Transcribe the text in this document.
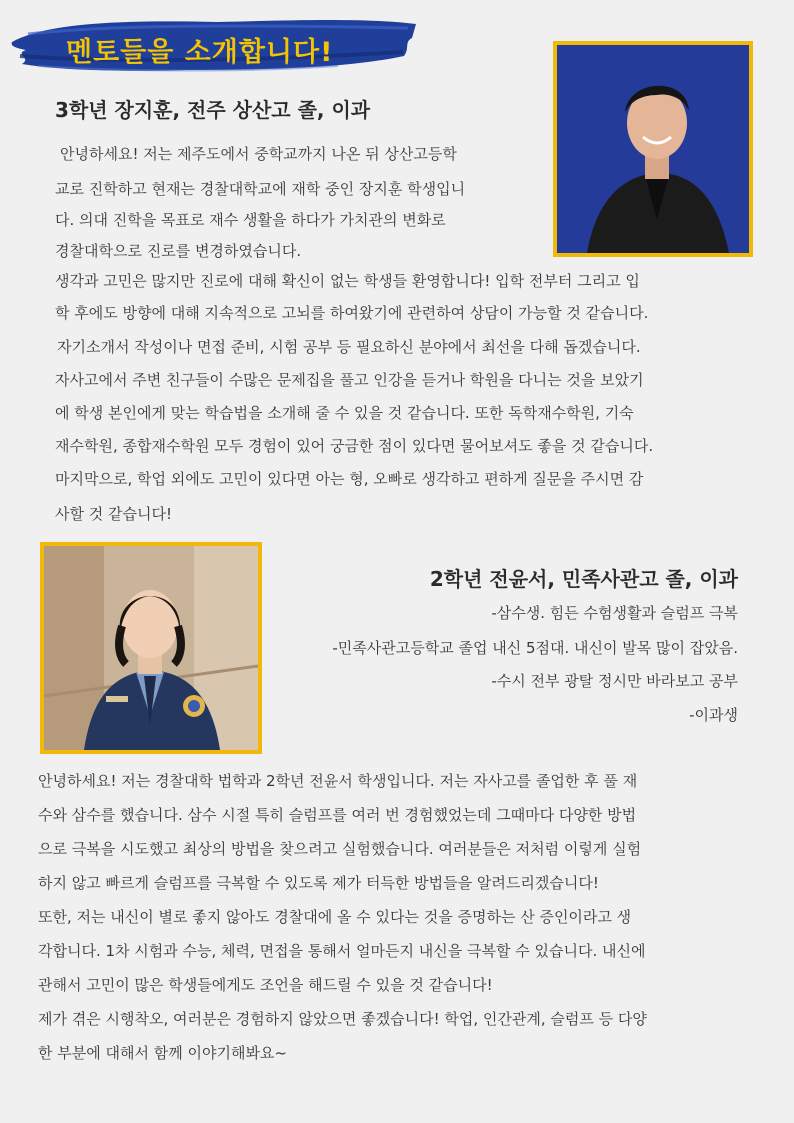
멘토들을 소개합니다!
3학년 장지훈, 전주 상산고 졸, 이과
안녕하세요! 저는 제주도에서 중학교까지 나온 뒤 상산고등학
교로 진학하고 현재는 경찰대학교에 재학 중인 장지훈 학생입니
다. 의대 진학을 목표로 재수 생활을 하다가 가치관의 변화로
경찰대학으로 진로를 변경하였습니다.
생각과 고민은 많지만 진로에 대해 확신이 없는 학생들 환영합니다! 입학 전부터 그리고 입
학 후에도 방향에 대해 지속적으로 고뇌를 하여왔기에 관련하여 상담이 가능할 것 같습니다.
자기소개서 작성이나 면접 준비, 시험 공부 등 필요하신 분야에서 최선을 다해 돕겠습니다.
자사고에서 주변 친구들이 수많은 문제집을 풀고 인강을 듣거나 학원을 다니는 것을 보았기
에 학생 본인에게 맞는 학습법을 소개해 줄 수 있을 것 같습니다. 또한 독학재수학원, 기숙
재수학원, 종합재수학원 모두 경험이 있어 궁금한 점이 있다면 물어보셔도 좋을 것 같습니다.
마지막으로, 학업 외에도 고민이 있다면 아는 형, 오빠로 생각하고 편하게 질문을 주시면 감
사할 것 같습니다!
2학년 전윤서, 민족사관고 졸, 이과
-삼수생. 힘든 수험생활과 슬럼프 극복
-민족사관고등학교 졸업 내신 5점대. 내신이 발목 많이 잡았음.
-수시 전부 광탈 정시만 바라보고 공부
-이과생
안녕하세요! 저는 경찰대학 법학과 2학년 전윤서 학생입니다. 저는 자사고를 졸업한 후 풀 재
수와 삼수를 했습니다. 삼수 시절 특히 슬럼프를 여러 번 경험했었는데 그때마다 다양한 방법
으로 극복을 시도했고 최상의 방법을 찾으려고 실험했습니다. 여러분들은 저처럼 이렇게 실험
하지 않고 빠르게 슬럼프를 극복할 수 있도록 제가 터득한 방법들을 알려드리겠습니다!
또한, 저는 내신이 별로 좋지 않아도 경찰대에 올 수 있다는 것을 증명하는 산 증인이라고 생
각합니다. 1차 시험과 수능, 체력, 면접을 통해서 얼마든지 내신을 극복할 수 있습니다. 내신에
관해서 고민이 많은 학생들에게도 조언을 해드릴 수 있을 것 같습니다!
제가 겪은 시행착오, 여러분은 경험하지 않았으면 좋겠습니다! 학업, 인간관계, 슬럼프 등 다양
한 부분에 대해서 함께 이야기해봐요~
